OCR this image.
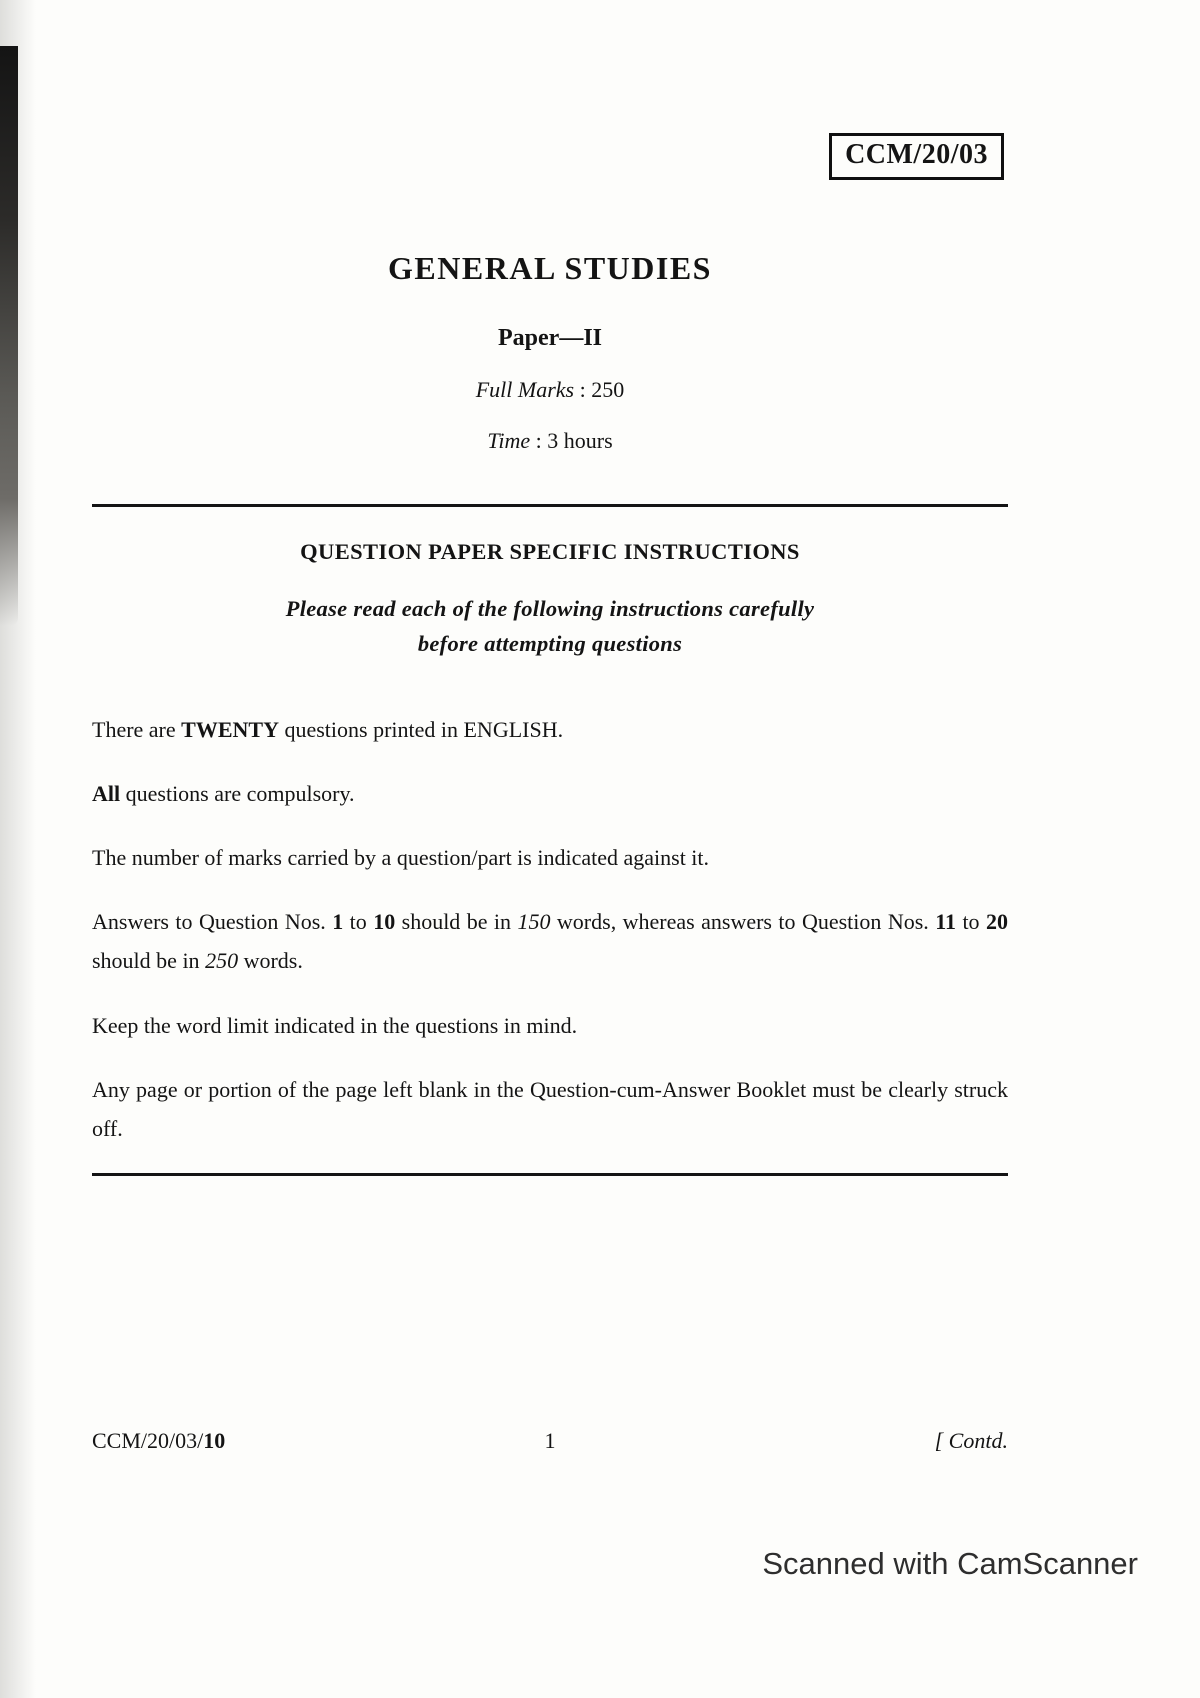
CCM/20/03
GENERAL STUDIES
Paper—II

Full Marks : 250

Time : 3 hours

QUESTION PAPER SPECIFIC INSTRUCTIONS

Please read each of the following instructions carefully
before attempting questions

There are TWENTY questions printed in ENGLISH.

All questions are compulsory.

The number of marks carried by a question/part is indicated against it.

Answers to Question Nos. 1 to 10 should be in 150 words, whereas answers to Question Nos. 11 to 20 should be in 250 words.

Keep the word limit indicated in the questions in mind.

Any page or portion of the page left blank in the Question-cum-Answer Booklet must be clearly struck off.

CCM/20/03/10	1	[ Contd.
Scanned with CamScanner
